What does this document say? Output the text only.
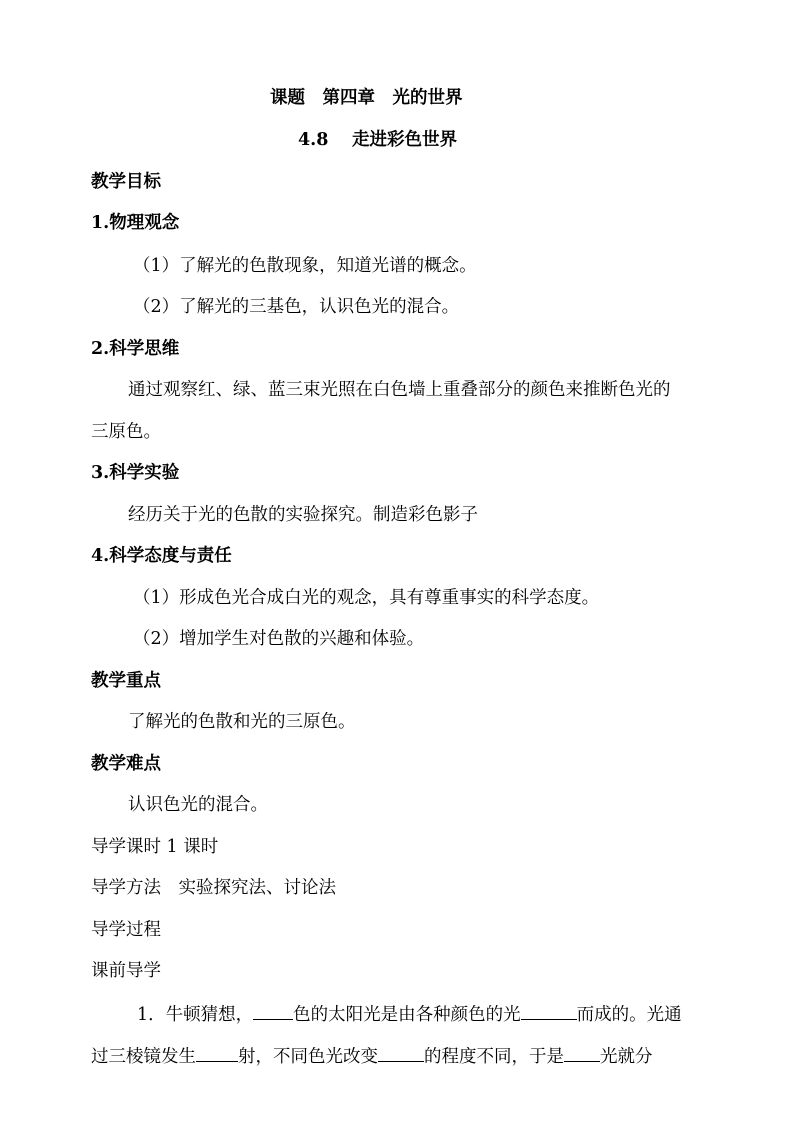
课题　第四章　光的世界
4.8　 走进彩色世界
教学目标
1.物理观念
（1）了解光的色散现象，知道光谱的概念。
（2）了解光的三基色，认识色光的混合。
2.科学思维
通过观察红、绿、蓝三束光照在白色墙上重叠部分的颜色来推断色光的
三原色。
3.科学实验
经历关于光的色散的实验探究。制造彩色影子
4.科学态度与责任
（1）形成色光合成白光的观念，具有尊重事实的科学态度。
（2）增加学生对色散的兴趣和体验。
教学重点
了解光的色散和光的三原色。
教学难点
认识色光的混合。
导学课时 1 课时
导学方法　实验探究法、讨论法
导学过程
课前导学
1．牛顿猜想， 色的太阳光是由各种颜色的光	而成的。光通
过三棱镜发生 射，不同色光改变	的程度不同，于是 光就分
